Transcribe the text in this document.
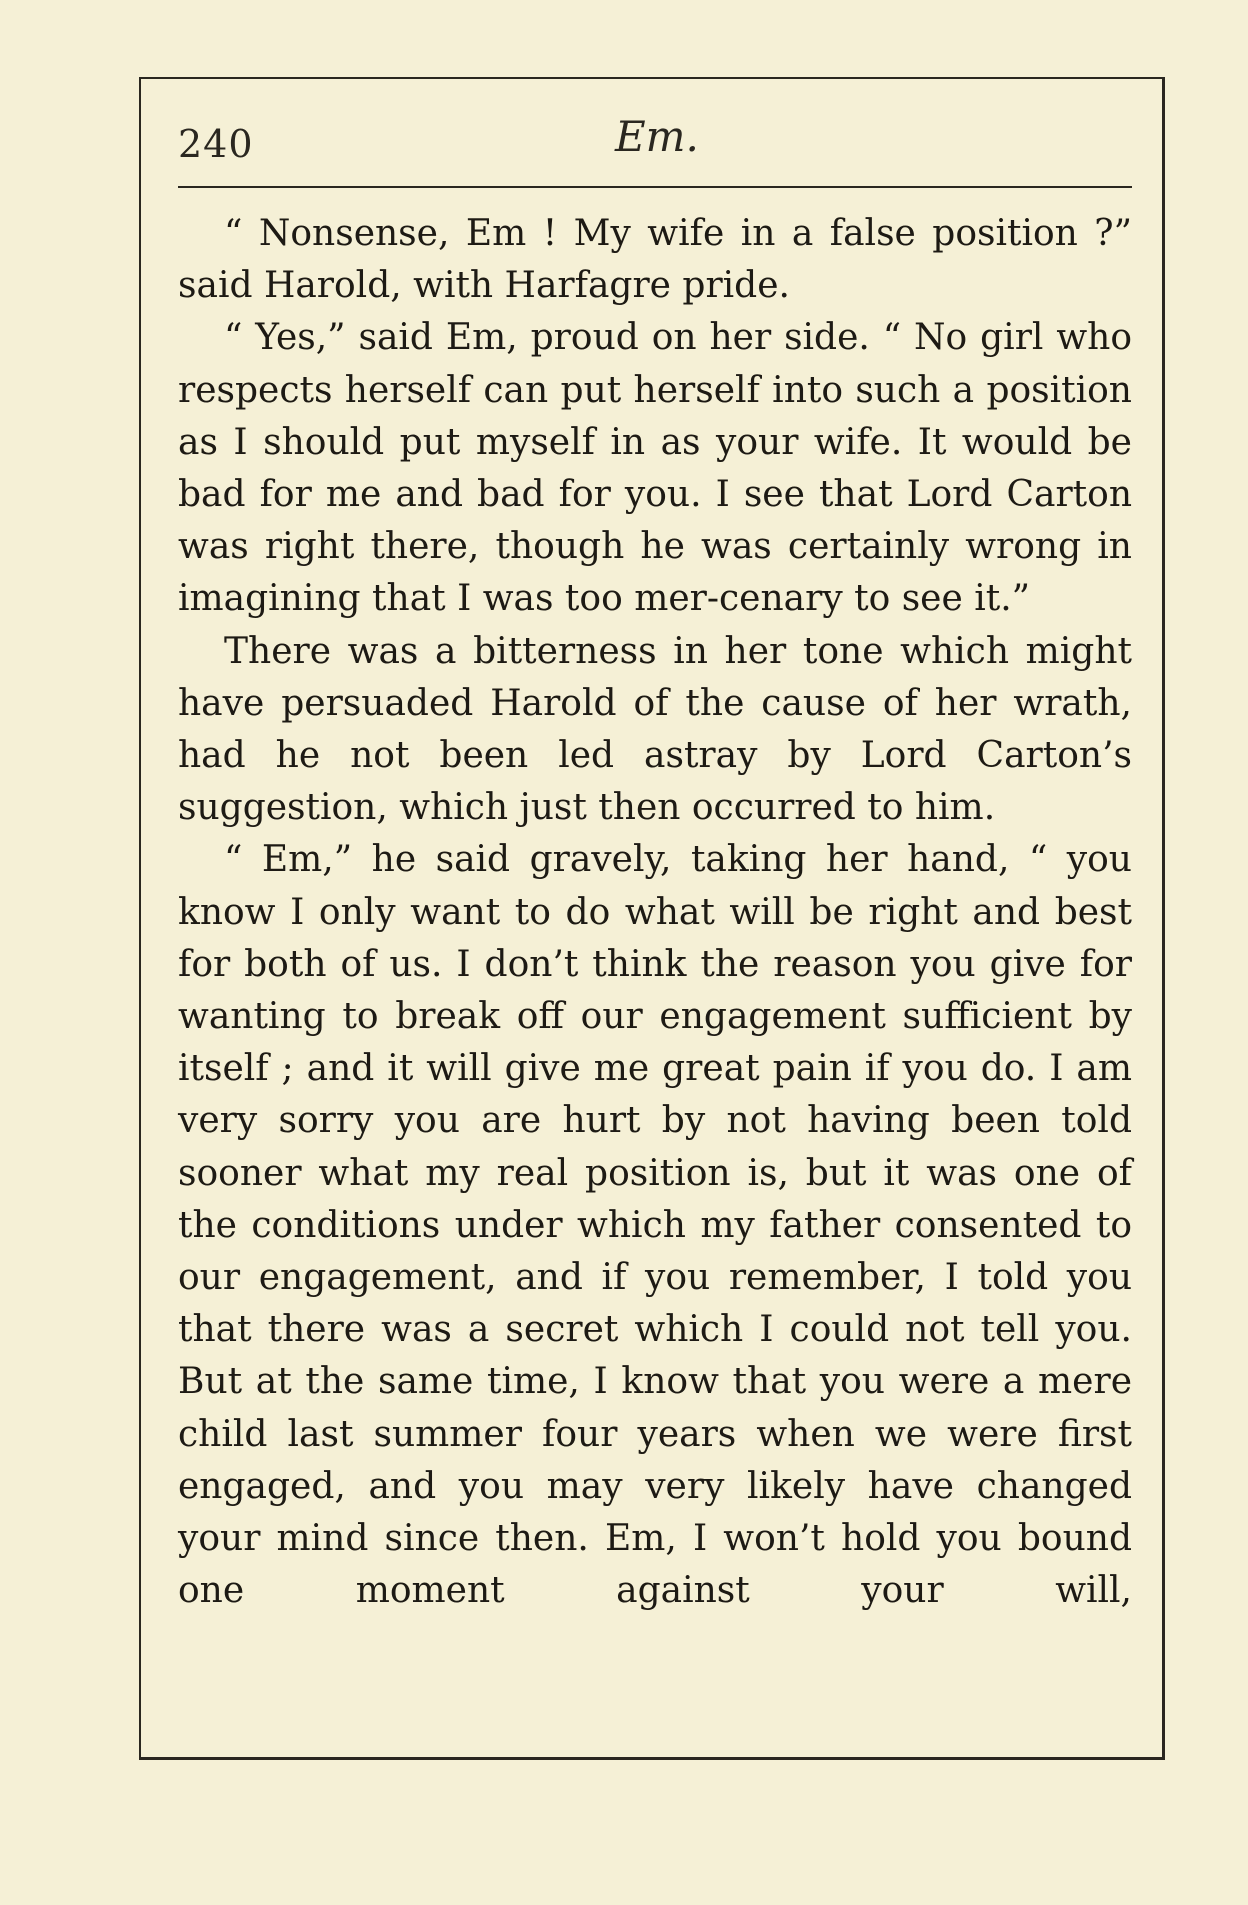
240	Em.

“ Nonsense, Em ! My wife in a false position ?” said Harold, with Harfagre pride.

“ Yes,” said Em, proud on her side. “ No girl who respects herself can put herself into such a position as I should put myself in as your wife. It would be bad for me and bad for you. I see that Lord Carton was right there, though he was certainly wrong in imagining that I was too mer-cenary to see it.”

There was a bitterness in her tone which might have persuaded Harold of the cause of her wrath, had he not been led astray by Lord Carton’s suggestion, which just then occurred to him.

“ Em,” he said gravely, taking her hand, “ you know I only want to do what will be right and best for both of us. I don’t think the reason you give for wanting to break off our engagement sufficient by itself ; and it will give me great pain if you do. I am very sorry you are hurt by not having been told sooner what my real position is, but it was one of the conditions under which my father consented to our engagement, and if you remember, I told you that there was a secret which I could not tell you. But at the same time, I know that you were a mere child last summer four years when we were first engaged, and you may very likely have changed your mind since then. Em, I won’t hold you bound one moment against your will,
